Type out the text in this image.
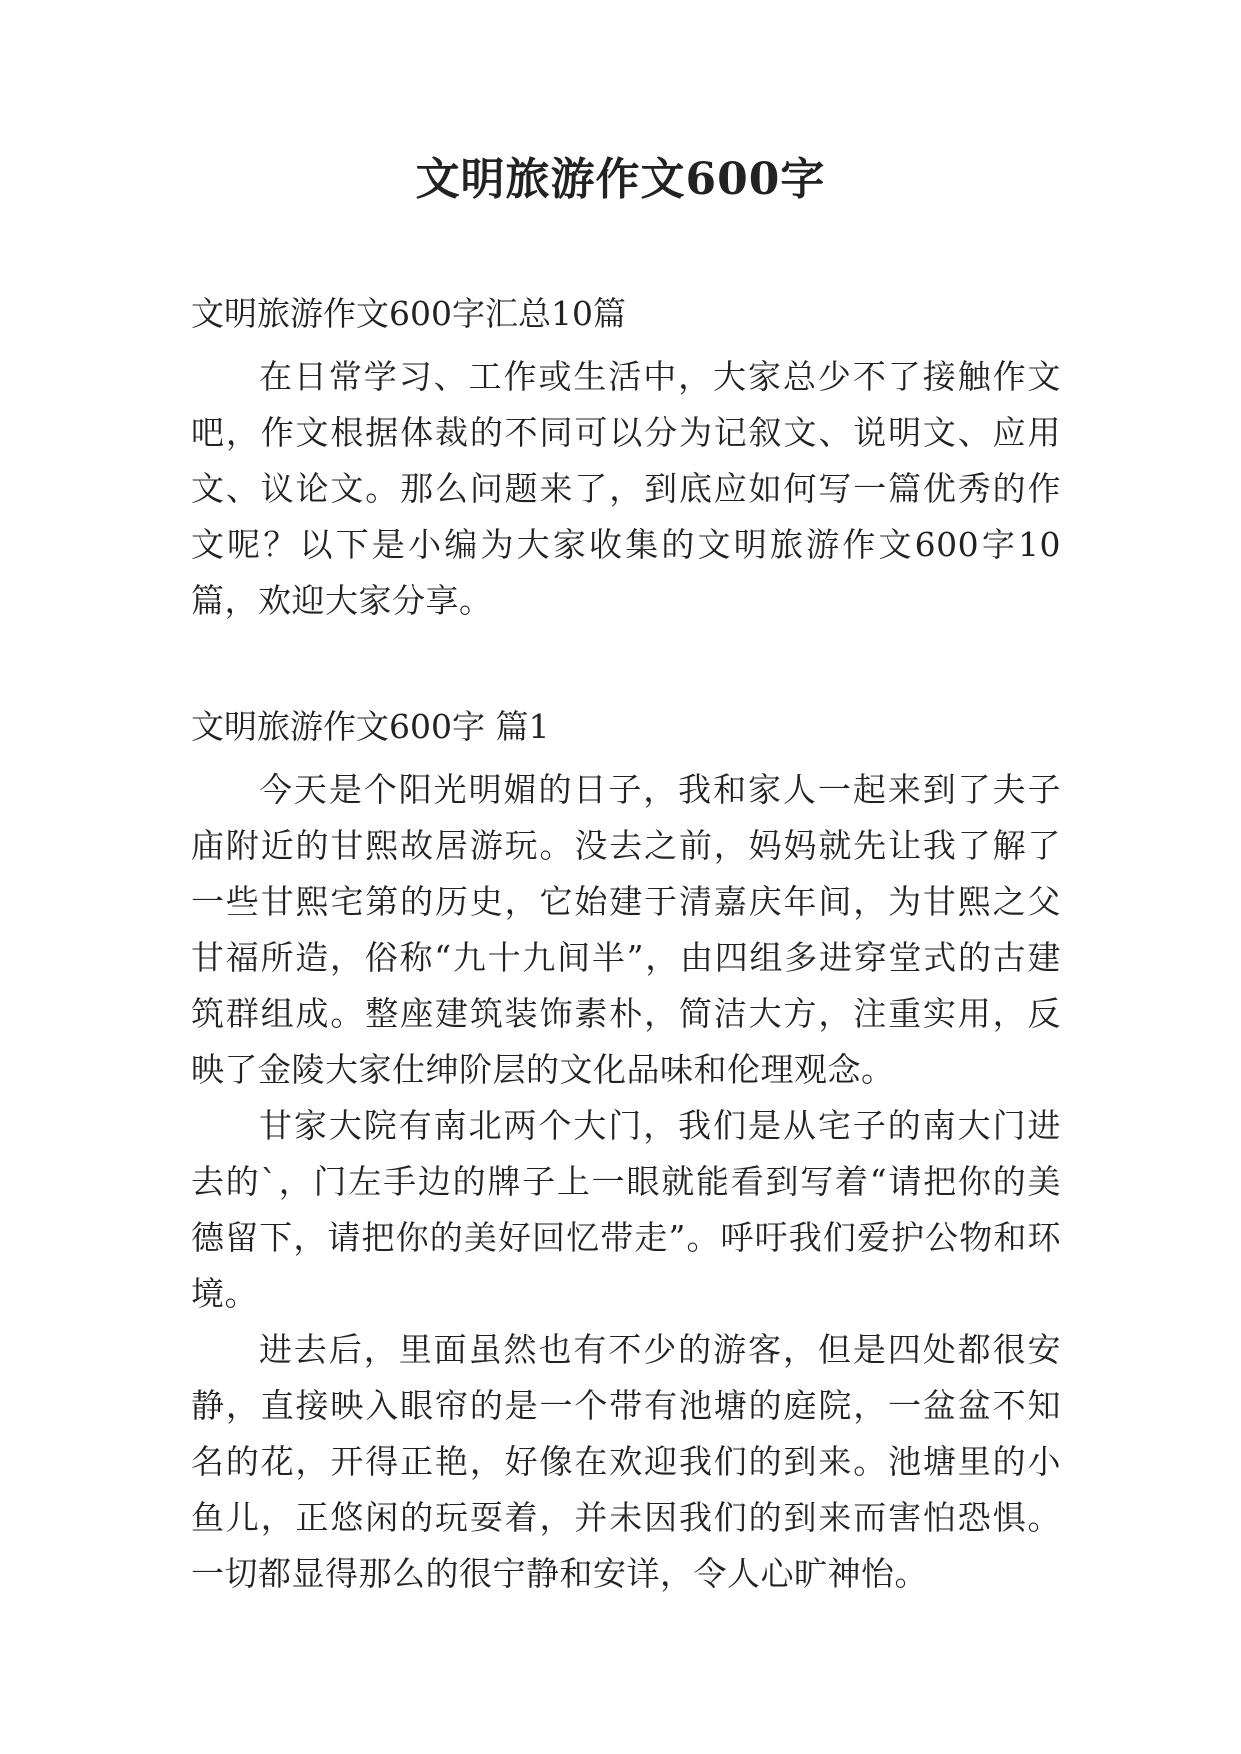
文明旅游作文600字

文明旅游作文600字汇总10篇

在日常学习、工作或生活中，大家总少不了接触作文吧，作文根据体裁的不同可以分为记叙文、说明文、应用文、议论文。那么问题来了，到底应如何写一篇优秀的作文呢？以下是小编为大家收集的文明旅游作文600字10篇，欢迎大家分享。

文明旅游作文600字 篇1

今天是个阳光明媚的日子，我和家人一起来到了夫子庙附近的甘熙故居游玩。没去之前，妈妈就先让我了解了一些甘熙宅第的历史，它始建于清嘉庆年间，为甘熙之父甘福所造，俗称“九十九间半”，由四组多进穿堂式的古建筑群组成。整座建筑装饰素朴，简洁大方，注重实用，反映了金陵大家仕绅阶层的文化品味和伦理观念。

甘家大院有南北两个大门，我们是从宅子的南大门进去的`，门左手边的牌子上一眼就能看到写着“请把你的美德留下，请把你的美好回忆带走”。呼吁我们爱护公物和环境。

进去后，里面虽然也有不少的游客，但是四处都很安静，直接映入眼帘的是一个带有池塘的庭院，一盆盆不知名的花，开得正艳，好像在欢迎我们的到来。池塘里的小鱼儿，正悠闲的玩耍着，并未因我们的到来而害怕恐惧。一切都显得那么的很宁静和安详，令人心旷神怡。
